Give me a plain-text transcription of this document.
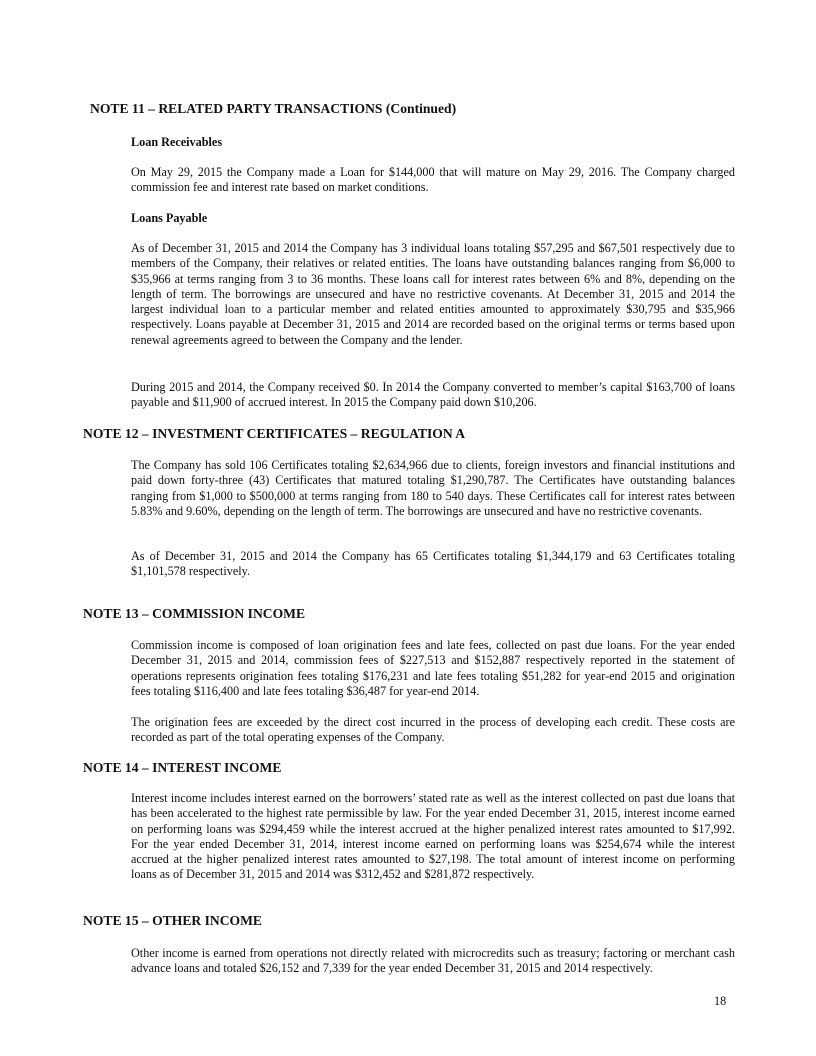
NOTE 11 – RELATED PARTY TRANSACTIONS (Continued)
Loan Receivables

On May 29, 2015 the Company made a Loan for $144,000 that will mature on May 29, 2016. The Company charged commission fee and interest rate based on market conditions.

Loans Payable

As of December 31, 2015 and 2014 the Company has 3 individual loans totaling $57,295 and $67,501 respectively due to members of the Company, their relatives or related entities. The loans have outstanding balances ranging from $6,000 to $35,966 at terms ranging from 3 to 36 months. These loans call for interest rates between 6% and 8%, depending on the length of term. The borrowings are unsecured and have no restrictive covenants. At December 31, 2015 and 2014 the largest individual loan to a particular member and related entities amounted to approximately $30,795 and $35,966 respectively. Loans payable at December 31, 2015 and 2014 are recorded based on the original terms or terms based upon renewal agreements agreed to between the Company and the lender.

During 2015 and 2014, the Company received $0. In 2014 the Company converted to member’s capital $163,700 of loans payable and $11,900 of accrued interest. In 2015 the Company paid down $10,206.

NOTE 12 – INVESTMENT CERTIFICATES – REGULATION A

The Company has sold 106 Certificates totaling $2,634,966 due to clients, foreign investors and financial institutions and paid down forty-three (43) Certificates that matured totaling $1,290,787. The Certificates have outstanding balances ranging from $1,000 to $500,000 at terms ranging from 180 to 540 days. These Certificates call for interest rates between 5.83% and 9.60%, depending on the length of term. The borrowings are unsecured and have no restrictive covenants.

As of December 31, 2015 and 2014 the Company has 65 Certificates totaling $1,344,179 and 63 Certificates totaling $1,101,578 respectively.

NOTE 13 – COMMISSION INCOME

Commission income is composed of loan origination fees and late fees, collected on past due loans. For the year ended December 31, 2015 and 2014, commission fees of $227,513 and $152,887 respectively reported in the statement of operations represents origination fees totaling $176,231 and late fees totaling $51,282 for year-end 2015 and origination fees totaling $116,400 and late fees totaling $36,487 for year-end 2014.

The origination fees are exceeded by the direct cost incurred in the process of developing each credit. These costs are recorded as part of the total operating expenses of the Company.

NOTE 14 – INTEREST INCOME

Interest income includes interest earned on the borrowers’ stated rate as well as the interest collected on past due loans that has been accelerated to the highest rate permissible by law. For the year ended December 31, 2015, interest income earned on performing loans was $294,459 while the interest accrued at the higher penalized interest rates amounted to $17,992. For the year ended December 31, 2014, interest income earned on performing loans was $254,674 while the interest accrued at the higher penalized interest rates amounted to $27,198. The total amount of interest income on performing loans as of December 31, 2015 and 2014 was $312,452 and $281,872 respectively.

NOTE 15 – OTHER INCOME

Other income is earned from operations not directly related with microcredits such as treasury; factoring or merchant cash advance loans and totaled $26,152 and 7,339 for the year ended December 31, 2015 and 2014 respectively.

18
